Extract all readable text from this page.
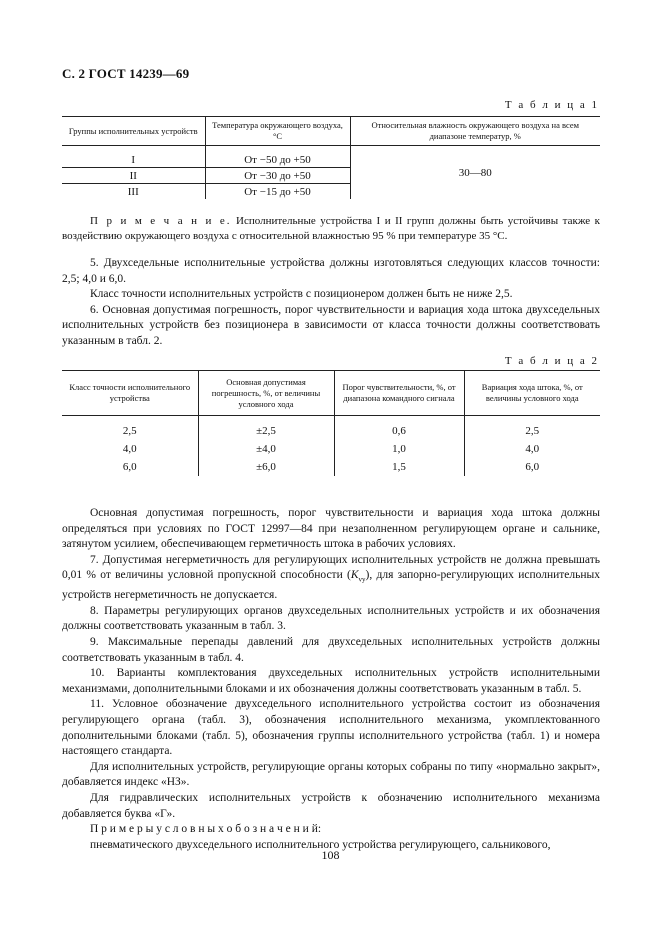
С. 2 ГОСТ 14239—69
Т а б л и ц а 1
Группы исполнительных устройств	Температура окружающего воздуха, °С	Относительная влажность окружающего воздуха на всем диапазоне температур, %
		30—80
I	От −50 до +50	
II	От −30 до +50	
III	От −15 до +50	

П р и м е ч а н и е. Исполнительные устройства I и II групп должны быть устойчивы также к воздействию окружающего воздуха с относительной влажностью 95 % при температуре 35 °С.

5. Двухседельные исполнительные устройства должны изготовляться следующих классов точности: 2,5; 4,0 и 6,0.

Класс точности исполнительных устройств с позиционером должен быть не ниже 2,5.

6. Основная допустимая погрешность, порог чувствительности и вариация хода штока двухседельных исполнительных устройств без позиционера в зависимости от класса точности должны соответствовать указанным в табл. 2.

Т а б л и ц а 2
Класс точности исполнительного устройства	Основная допустимая погрешность, %, от величины условного хода	Порог чувствительности, %, от диапазона командного сигнала	Вариация хода штока, %, от величины условного хода
2,5	±2,5	0,6	2,5
4,0	±4,0	1,0	4,0
6,0	±6,0	1,5	6,0

Основная допустимая погрешность, порог чувствительности и вариация хода штока должны определяться при условиях по ГОСТ 12997—84 при незаполненном регулирующем органе и сальнике, затянутом усилием, обеспечивающем герметичность штока в рабочих условиях.

7. Допустимая негерметичность для регулирующих исполнительных устройств не должна превышать 0,01 % от величины условной пропускной способности $(K_{vy})$, для запорно-регулирующих исполнительных устройств негерметичность не допускается.

8. Параметры регулирующих органов двухседельных исполнительных устройств и их обозначения должны соответствовать указанным в табл. 3.

9. Максимальные перепады давлений для двухседельных исполнительных устройств должны соответствовать указанным в табл. 4.

10. Варианты комплектования двухседельных исполнительных устройств исполнительными механизмами, дополнительными блоками и их обозначения должны соответствовать указанным в табл. 5.

11. Условное обозначение двухседельного исполнительного устройства состоит из обозначения регулирующего органа (табл. 3), обозначения исполнительного механизма, укомплектованного дополнительными блоками (табл. 5), обозначения группы исполнительного устройства (табл. 1) и номера настоящего стандарта.

Для исполнительных устройств, регулирующие органы которых собраны по типу «нормально закрыт», добавляется индекс «НЗ».

Для гидравлических исполнительных устройств к обозначению исполнительного механизма добавляется буква «Г».

П р и м е р ы у с л о в н ы х о б о з н а ч е н и й:

пневматического двухседельного исполнительного устройства регулирующего, сальникового,

108
